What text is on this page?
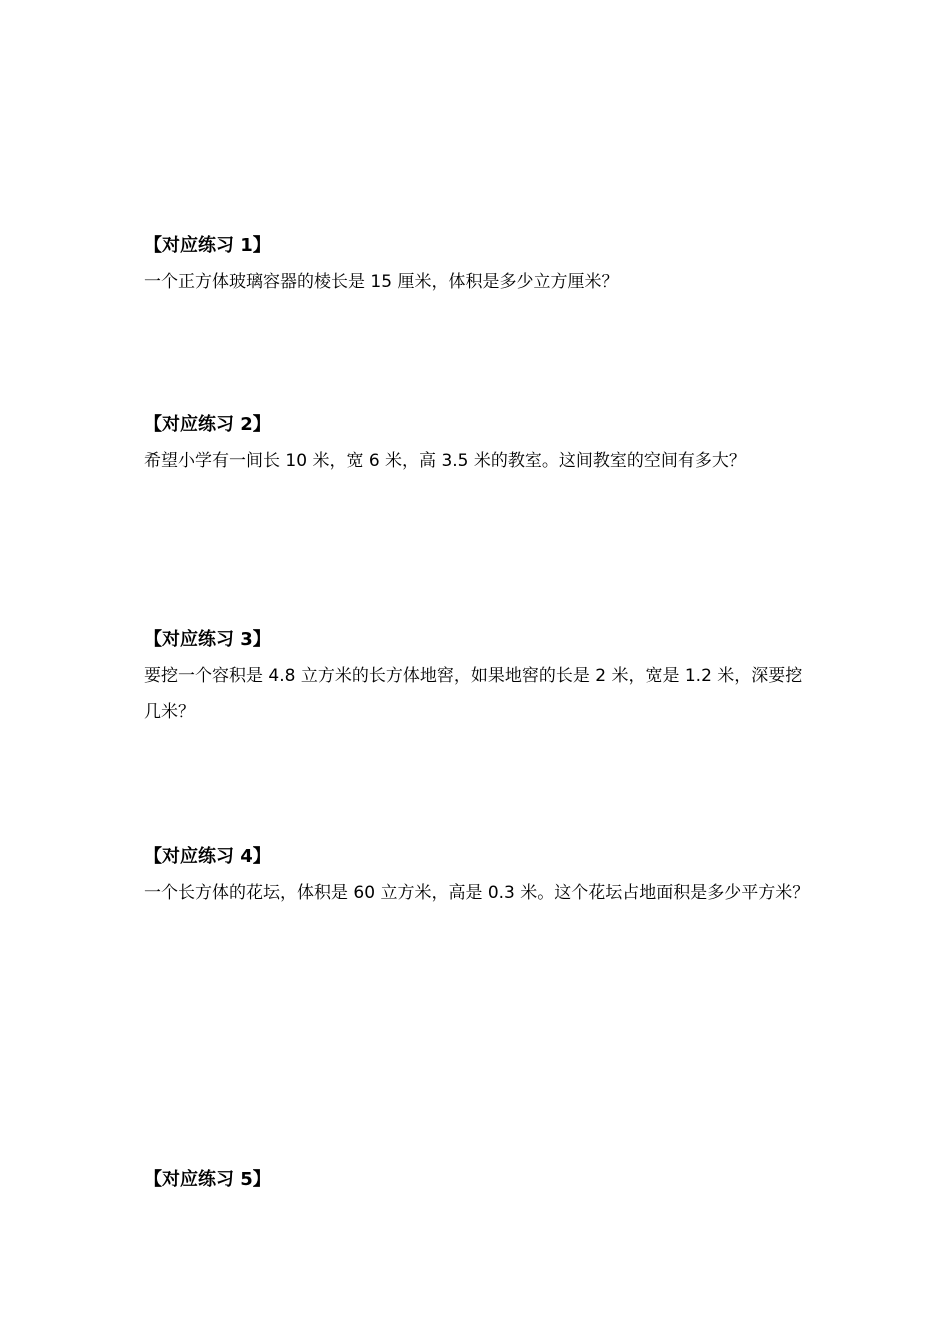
【对应练习 1】

一个正方体玻璃容器的棱长是 15 厘米，体积是多少立方厘米？

【对应练习 2】

希望小学有一间长 10 米，宽 6 米，高 3.5 米的教室。这间教室的空间有多大？

【对应练习 3】

要挖一个容积是 4.8 立方米的长方体地窖，如果地窖的长是 2 米，宽是 1.2 米，深要挖几米？

【对应练习 4】

一个长方体的花坛，体积是 60 立方米，高是 0.3 米。这个花坛占地面积是多少平方米？

【对应练习 5】
